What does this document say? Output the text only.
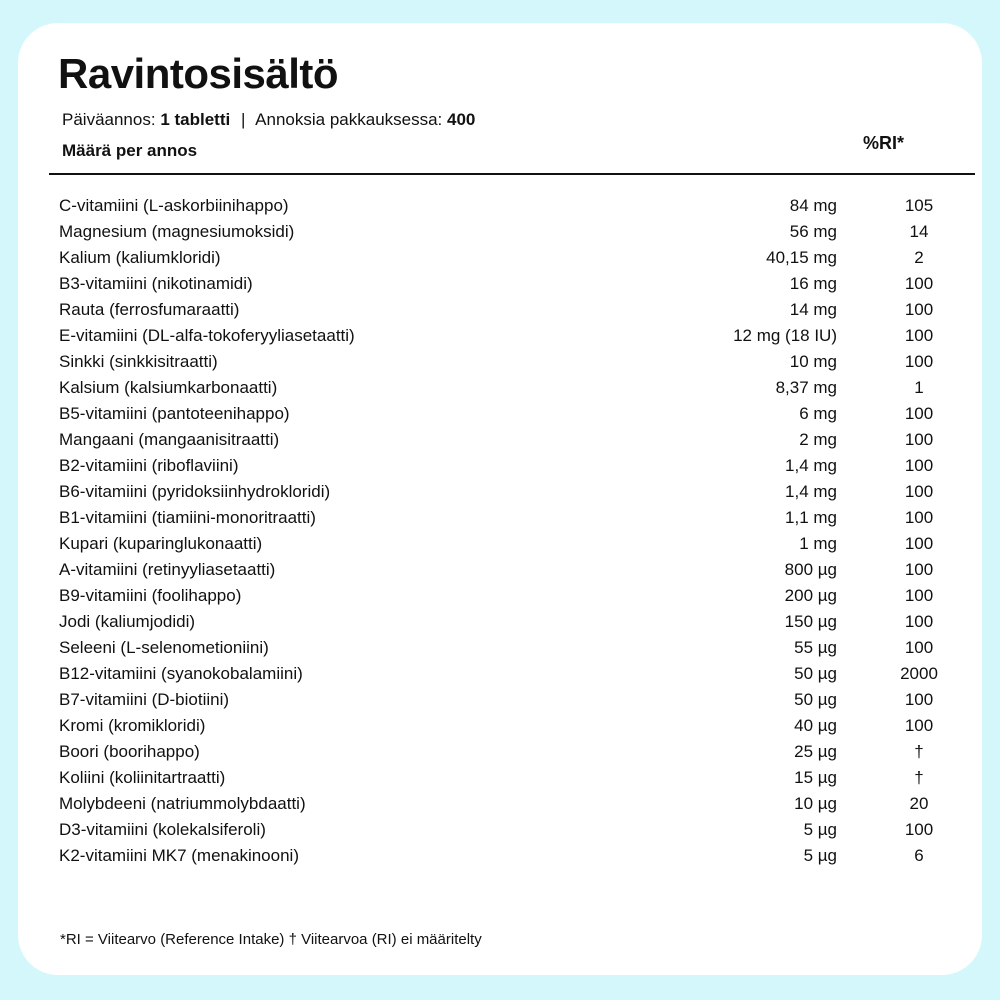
Ravintosisältö
Päiväannos: 1 tabletti | Annoksia pakkauksessa: 400
Määrä per annos	%RI*
C-vitamiini (L-askorbiinihappo)	84 mg	105
Magnesium (magnesiumoksidi)	56 mg	14
Kalium (kaliumkloridi)	40,15 mg	2
B3-vitamiini (nikotinamidi)	16 mg	100
Rauta (ferrosfumaraatti)	14 mg	100
E-vitamiini (DL-alfa-tokoferyyliasetaatti)	12 mg (18 IU)	100
Sinkki (sinkkisitraatti)	10 mg	100
Kalsium (kalsiumkarbonaatti)	8,37 mg	1
B5-vitamiini (pantoteenihappo)	6 mg	100
Mangaani (mangaanisitraatti)	2 mg	100
B2-vitamiini (riboflaviini)	1,4 mg	100
B6-vitamiini (pyridoksiinhydrokloridi)	1,4 mg	100
B1-vitamiini (tiamiini-monoritraatti)	1,1 mg	100
Kupari (kuparinglukonaatti)	1 mg	100
A-vitamiini (retinyyliasetaatti)	800 µg	100
B9-vitamiini (foolihappo)	200 µg	100
Jodi (kaliumjodidi)	150 µg	100
Seleeni (L-selenometioniini)	55 µg	100
B12-vitamiini (syanokobalamiini)	50 µg	2000
B7-vitamiini (D-biotiini)	50 µg	100
Kromi (kromikloridi)	40 µg	100
Boori (boorihappo)	25 µg	†
Koliini (koliinitartraatti)	15 µg	†
Molybdeeni (natriummolybdaatti)	10 µg	20
D3-vitamiini (kolekalsiferoli)	5 µg	100
K2-vitamiini MK7 (menakinooni)	5 µg	6
*RI = Viitearvo (Reference Intake) † Viitearvoa (RI) ei määritelty
